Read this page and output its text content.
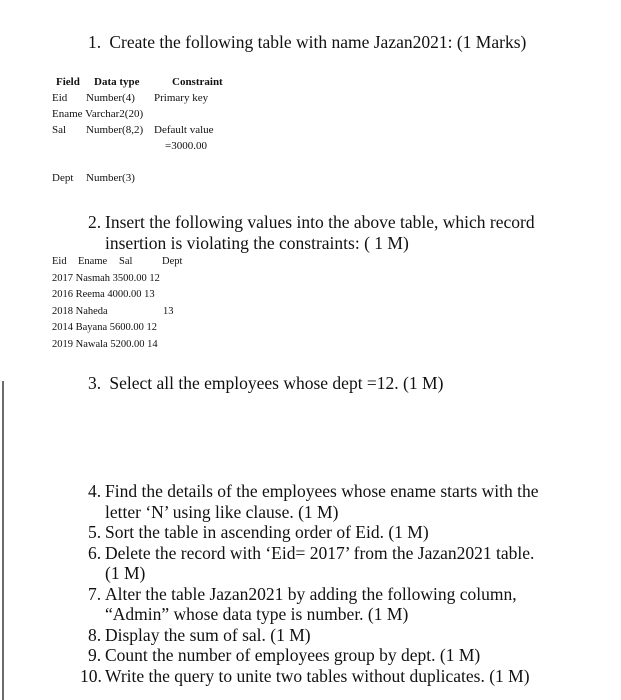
1. Create the following table with name Jazan2021: (1 Marks)
Field Data type	Constraint
Eid Number(4) Primary key
Ename Varchar2(20)
Sal Number(8,2) Default value
=3000.00
Dept Number(3)
2. Insert the following values into the above table, which record
insertion is violating the constraints: ( 1 M)
Eid Ename Sal	Dept
2017 Nasmah 3500.00 12
2016 Reema 4000.00 13
2018 Naheda	13
2014 Bayana 5600.00 12
2019 Nawala 5200.00 14
3. Select all the employees whose dept =12. (1 M)
4. Find the details of the employees whose ename starts with the
letter ‘N’ using like clause. (1 M)
5. Sort the table in ascending order of Eid. (1 M)
6. Delete the record with ‘Eid= 2017’ from the Jazan2021 table.
(1 M)
7. Alter the table Jazan2021 by adding the following column,
“Admin” whose data type is number. (1 M)
8. Display the sum of sal. (1 M)
9. Count the number of employees group by dept. (1 M)
10. Write the query to unite two tables without duplicates. (1 M)
